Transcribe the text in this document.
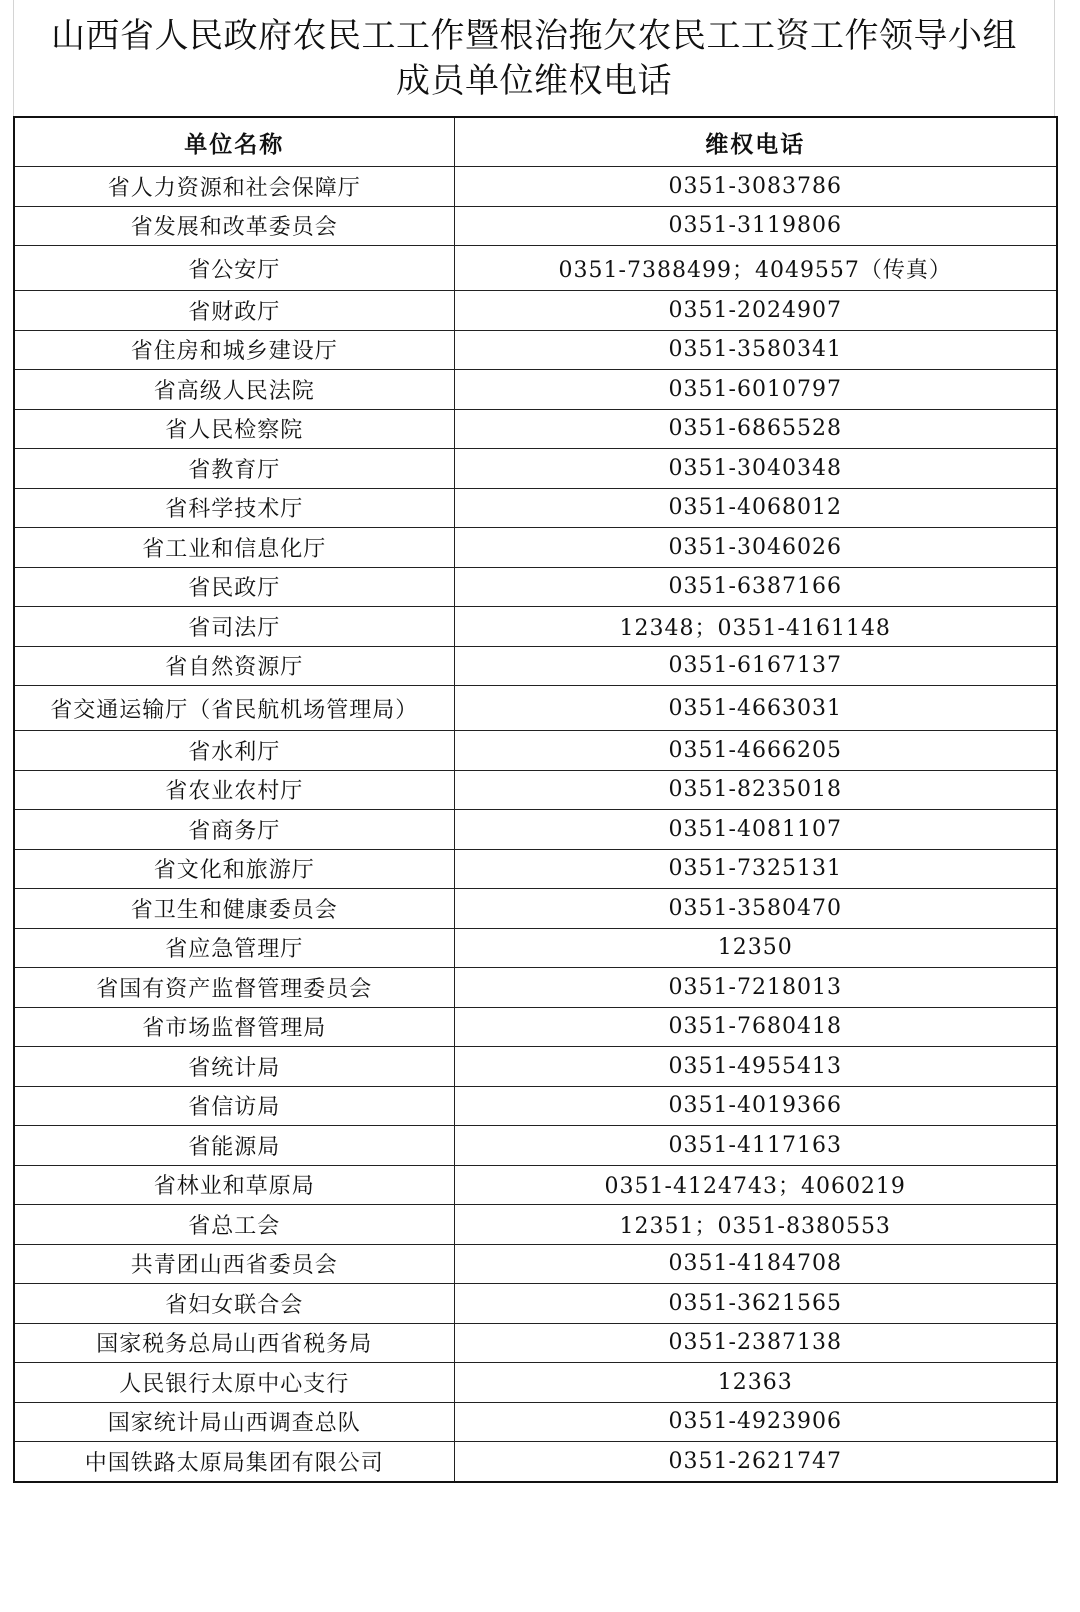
山西省人民政府农民工工作暨根治拖欠农民工工资工作领导小组
成员单位维权电话
单位名称	维权电话
省人力资源和社会保障厅	0351-3083786
省发展和改革委员会	0351-3119806
省公安厅	0351-7388499；4049557（传真）
省财政厅	0351-2024907
省住房和城乡建设厅	0351-3580341
省高级人民法院	0351-6010797
省人民检察院	0351-6865528
省教育厅	0351-3040348
省科学技术厅	0351-4068012
省工业和信息化厅	0351-3046026
省民政厅	0351-6387166
省司法厅	12348；0351-4161148
省自然资源厅	0351-6167137
省交通运输厅（省民航机场管理局）	0351-4663031
省水利厅	0351-4666205
省农业农村厅	0351-8235018
省商务厅	0351-4081107
省文化和旅游厅	0351-7325131
省卫生和健康委员会	0351-3580470
省应急管理厅	12350
省国有资产监督管理委员会	0351-7218013
省市场监督管理局	0351-7680418
省统计局	0351-4955413
省信访局	0351-4019366
省能源局	0351-4117163
省林业和草原局	0351-4124743；4060219
省总工会	12351；0351-8380553
共青团山西省委员会	0351-4184708
省妇女联合会	0351-3621565
国家税务总局山西省税务局	0351-2387138
人民银行太原中心支行	12363
国家统计局山西调查总队	0351-4923906
中国铁路太原局集团有限公司	0351-2621747
